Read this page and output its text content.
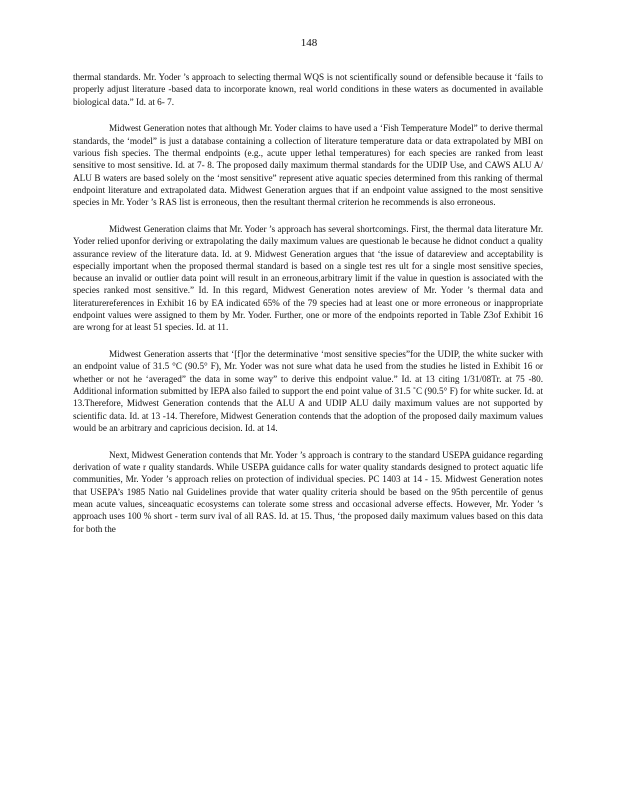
148

thermal standards. Mr. Yoder ’s approach to selecting thermal WQS is not scientifically sound or defensible because it ‘fails to properly adjust literature -based data to incorporate known, real world conditions in these waters as documented in available biological data.” Id. at 6- 7.

Midwest Generation notes that although Mr. Yoder claims to have used a ‘Fish Temperature Model” to derive thermal standards, the ‘model” is just a database containing a collection of literature temperature data or data extrapolated by MBI on various fish species. The thermal endpoints (e.g., acute upper lethal temperatures) for each species are ranked from least sensitive to most sensitive. Id. at 7- 8. The proposed daily maximum thermal standards for the UDIP Use, and CAWS ALU A/ ALU B waters are based solely on the ‘most sensitive” represent ative aquatic species determined from this ranking of thermal endpoint literature and extrapolated data. Midwest Generation argues that if an endpoint value assigned to the most sensitive species in Mr. Yoder ’s RAS list is erroneous, then the resultant thermal criterion he recommends is also erroneous.

Midwest Generation claims that Mr. Yoder ’s approach has several shortcomings. First, the thermal data literature Mr. Yoder relied uponfor deriving or extrapolating the daily maximum values are questionab le because he didnot conduct a quality assurance review of the literature data. Id. at 9. Midwest Generation argues that ‘the issue of datareview and acceptability is especially important when the proposed thermal standard is based on a single test res ult for a single most sensitive species, because an invalid or outlier data point will result in an erroneous,arbitrary limit if the value in question is associated with the species ranked most sensitive.” Id. In this regard, Midwest Generation notes areview of Mr. Yoder ’s thermal data and literaturereferences in Exhibit 16 by EA indicated 65% of the 79 species had at least one or more erroneous or inappropriate endpoint values were assigned to them by Mr. Yoder. Further, one or more of the endpoints reported in Table Z3of Exhibit 16 are wrong for at least 51 species. Id. at 11.

Midwest Generation asserts that ‘[f]or the determinative ‘most sensitive species”for the UDIP, the white sucker with an endpoint value of 31.5 °C (90.5° F), Mr. Yoder was not sure what data he used from the studies he listed in Exhibit 16 or whether or not he ‘averaged” the data in some way” to derive this endpoint value.” Id. at 13 citing 1/31/08Tr. at 75 -80. Additional information submitted by IEPA also failed to support the end point value of 31.5 ˚C (90.5° F) for white sucker. Id. at 13.Therefore, Midwest Generation contends that the ALU A and UDIP ALU daily maximum values are not supported by scientific data. Id. at 13 -14. Therefore, Midwest Generation contends that the adoption of the proposed daily maximum values would be an arbitrary and capricious decision. Id. at 14.

Next, Midwest Generation contends that Mr. Yoder ’s approach is contrary to the standard USEPA guidance regarding derivation of wate r quality standards. While USEPA guidance calls for water quality standards designed to protect aquatic life communities, Mr. Yoder ’s approach relies on protection of individual species. PC 1403 at 14 - 15. Midwest Generation notes that USEPA’s 1985 Natio nal Guidelines provide that water quality criteria should be based on the 95th percentile of genus mean acute values, sinceaquatic ecosystems can tolerate some stress and occasional adverse effects. However, Mr. Yoder ’s approach uses 100 % short - term surv ival of all RAS. Id. at 15. Thus, ‘the proposed daily maximum values based on this data for both the
